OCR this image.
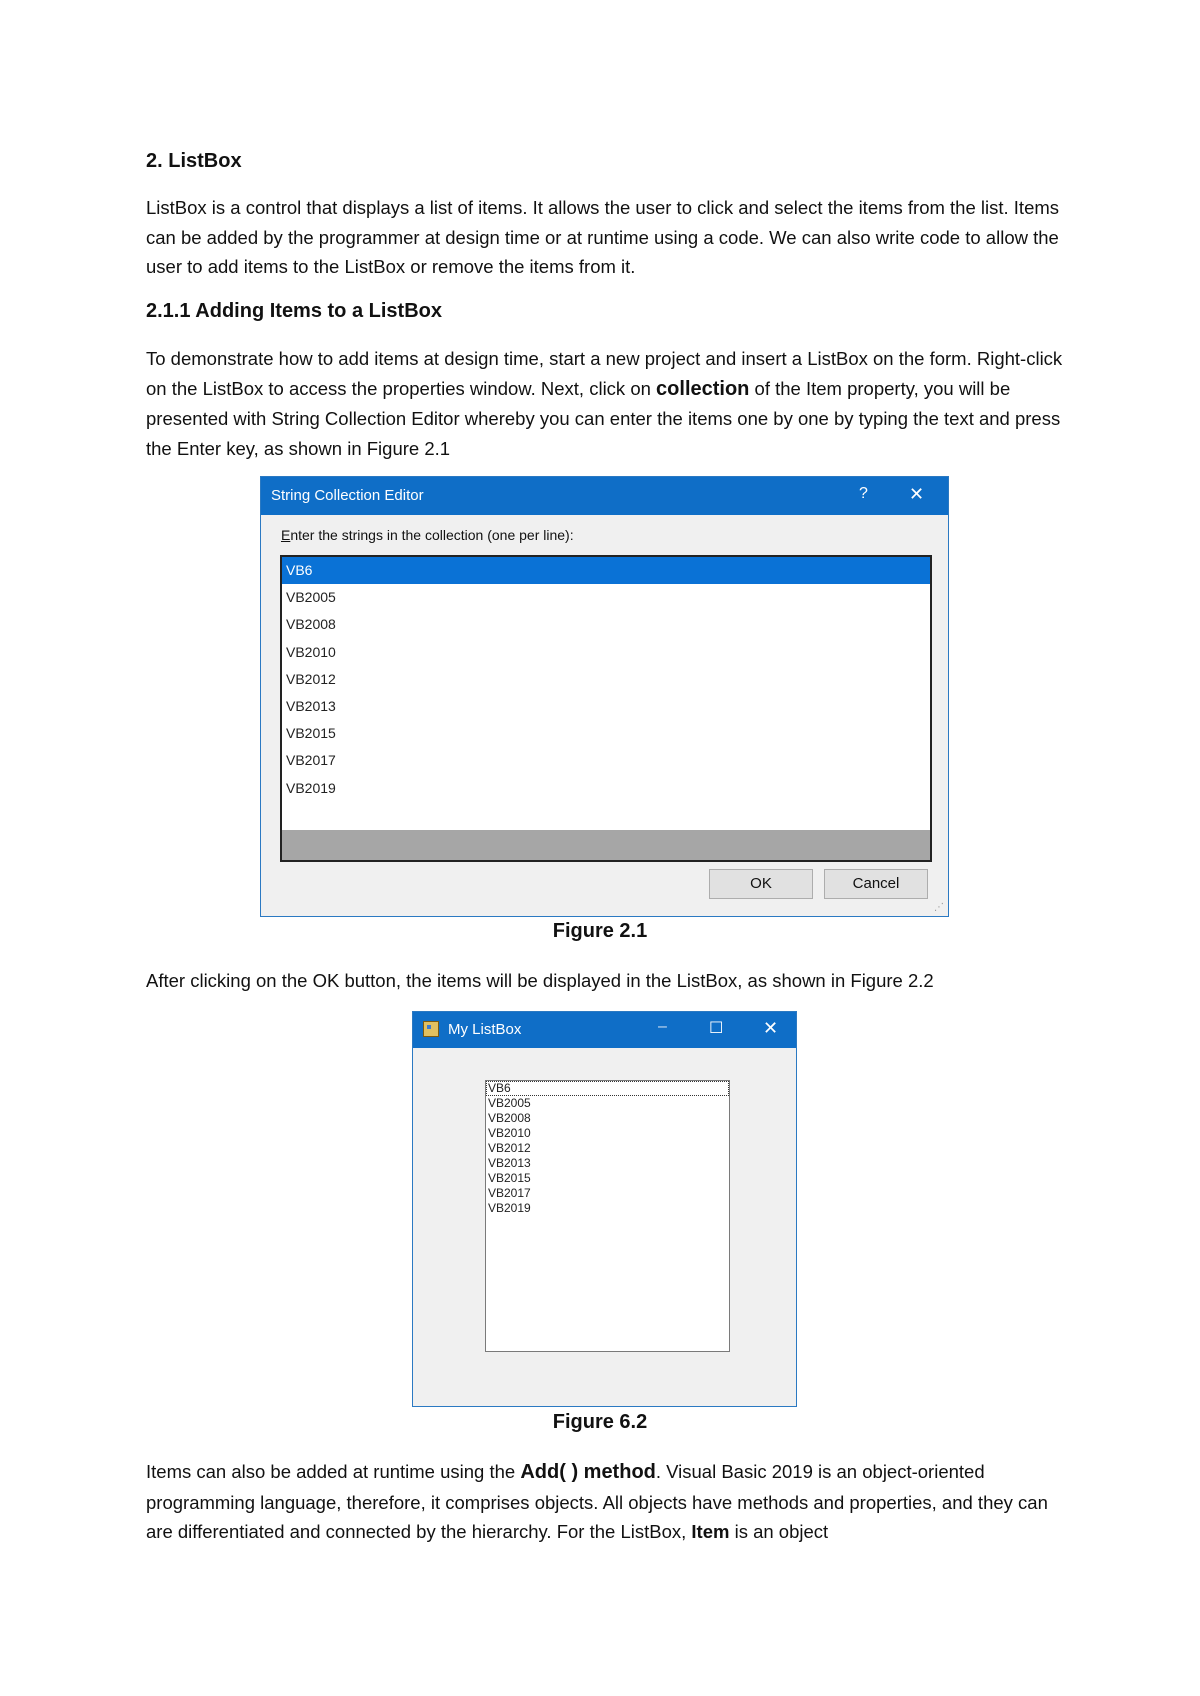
2. ListBox

ListBox is a control that displays a list of items. It allows the user to click and select the items from the list. Items can be added by the programmer at design time or at runtime using a code. We can also write code to allow the user to add items to the ListBox or remove the items from it.

2.1.1 Adding Items to a ListBox

To demonstrate how to add items at design time, start a new project and insert a ListBox on the form. Right-click on the ListBox to access the properties window. Next, click on collection of the Item property, you will be presented with String Collection Editor whereby you can enter the items one by one by typing the text and press the Enter key, as shown in Figure 2.1

String Collection Editor	? ✕
Enter the strings in the collection (one per line):
VB6
VB2005
VB2008
VB2010
VB2012
VB2013
VB2015
VB2017
VB2019
OK	Cancel
⋰
Figure 2.1

After clicking on the OK button, the items will be displayed in the ListBox, as shown in Figure 2.2

My ListBox	–	☐ ✕
VB6
VB2005
VB2008
VB2010
VB2012
VB2013
VB2015
VB2017
VB2019
Figure 6.2

Items can also be added at runtime using the Add( ) method. Visual Basic 2019 is an object-oriented programming language, therefore, it comprises objects. All objects have methods and properties, and they can are differentiated and connected by the hierarchy. For the ListBox, Item is an object
